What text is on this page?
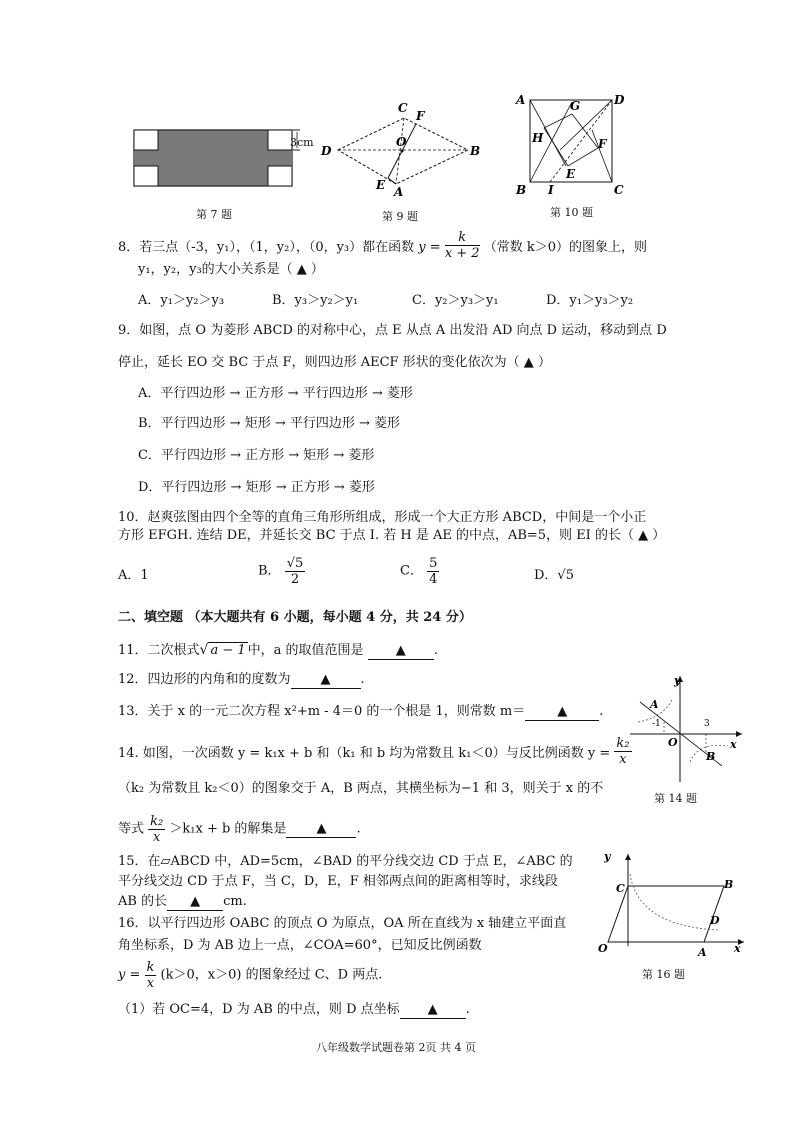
3cm
第 7 题
C
F
D
O
B
E A
第 9 题
A	G	D
H	F
E
B I	C
第 10 题
8．若三点（-3，y₁），（1，y₂），（0，y₃）都在函数 $y = \frac{k}{x + 2}$ （常数 k＞0）的图象上，则
y₁，y₂，y₃的大小关系是（ ▲ ）
A．y₁＞y₂＞y₃	B．y₃＞y₂＞y₁	C．y₂＞y₃＞y₁	D．y₁＞y₃＞y₂
9．如图，点 O 为菱形 ABCD 的对称中心，点 E 从点 A 出发沿 AD 向点 D 运动，移动到点 D
停止，延长 EO 交 BC 于点 F，则四边形 AECF 形状的变化依次为（ ▲ ）
A．平行四边形 → 正方形 → 平行四边形 → 菱形
B．平行四边形 → 矩形 → 平行四边形 → 菱形
C．平行四边形 → 正方形 → 矩形 → 菱形
D．平行四边形 → 矩形 → 正方形 → 菱形
10．赵爽弦图由四个全等的直角三角形所组成，形成一个大正方形 ABCD，中间是一个小正
方形 EFGH. 连结 DE，并延长交 BC 于点 I. 若 H 是 AE 的中点，AB=5，则 EI 的长（ ▲ ）
A．1	B． $\frac{√5}{2}$	C． $\frac{5}{4}$	D．√5
二、填空题 （本大题共有 6 小题，每小题 4 分，共 24 分）
11．二次根式√ a − 1 中，a 的取值范围是 ▲ .
12．四边形的内角和的度数为 ▲ .
13．关于 x 的一元二次方程 x²+m - 4＝0 的一个根是 1，则常数 m＝ ▲ .
y
A
-1	3
O	x
B
第 14 题
14. 如图，一次函数 y = k₁x + b 和（k₁ 和 b 均为常数且 k₁＜0）与反比例函数 $y = \frac{\text{k₂}}{x}$
（k₂ 为常数且 k₂＜0）的图象交于 A，B 两点，其横坐标为−1 和 3，则关于 x 的不
等式 $\frac{\text{k₂}}{x} >k_1x + b$ 的解集是 ▲ .
15．在▱ABCD 中，AD=5cm，∠BAD 的平分线交边 CD 于点 E，∠ABC 的
平分线交边 CD 于点 F，当 C，D，E，F 相邻两点间的距离相等时，求线段
AB 的长 ▲ cm.
y
C	B
D
O	A x
第 16 题
16．以平行四边形 OABC 的顶点 O 为原点，OA 所在直线为 x 轴建立平面直
角坐标系，D 为 AB 边上一点，∠COA=60°，已知反比例函数
$y = \frac{k}{x} (k>0$，x＞0) 的图象经过 C、D 两点.
（1）若 OC=4，D 为 AB 的中点，则 D 点坐标 ▲ .
八年级数学试题卷第 2页 共 4 页
